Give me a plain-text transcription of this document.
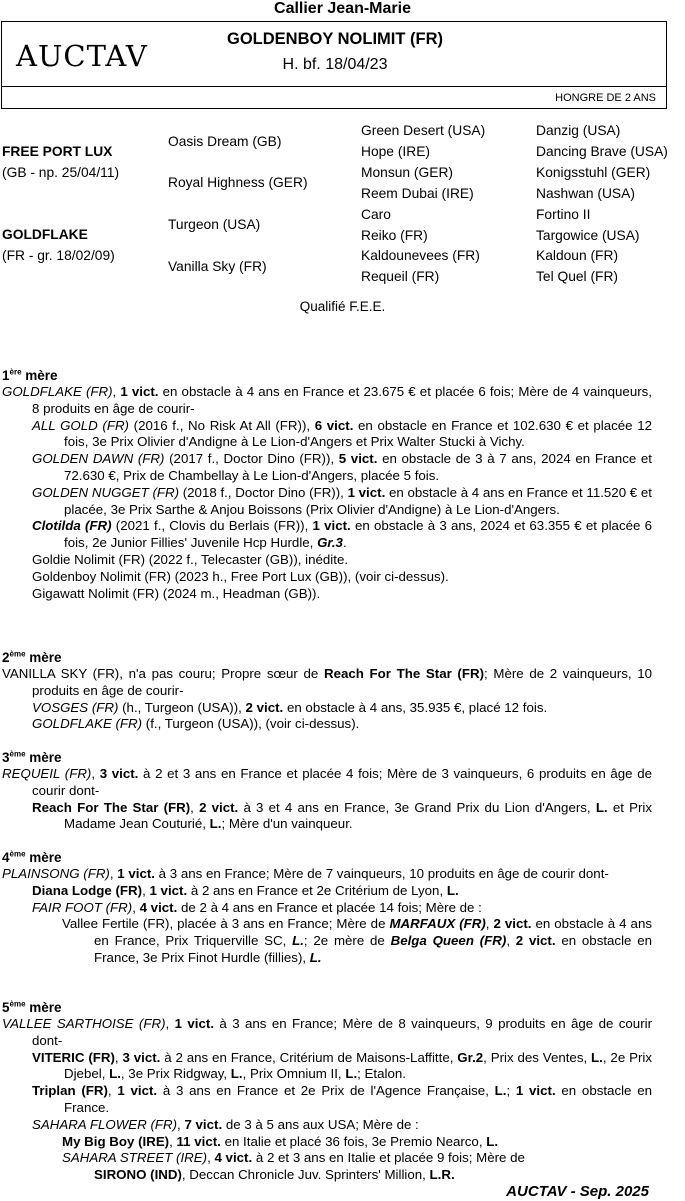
Callier Jean-Marie
AUCTAV	GOLDENBOY NOLIMIT (FR)
H. bf. 18/04/23
HONGRE DE 2 ANS
FREE PORT LUX
(GB - np. 25/04/11)
GOLDFLAKE
(FR - gr. 18/02/09)
Oasis Dream (GB)
Royal Highness (GER)
Turgeon (USA)
Vanilla Sky (FR)
Green Desert (USA)
Hope (IRE)
Monsun (GER)
Reem Dubai (IRE)
Caro
Reiko (FR)
Kaldounevees (FR)
Requeil (FR)
Danzig (USA)
Dancing Brave (USA)
Konigsstuhl (GER)
Nashwan (USA)
Fortino II
Targowice (USA)
Kaldoun (FR)
Tel Quel (FR)
Qualifié F.E.E.
1ère mère
GOLDFLAKE (FR), 1 vict. en obstacle à 4 ans en France et 23.675 € et placée 6 fois; Mère de 4 vainqueurs, 8 produits en âge de courir-
ALL GOLD (FR) (2016 f., No Risk At All (FR)), 6 vict. en obstacle en France et 102.630 € et placée 12 fois, 3e Prix Olivier d'Andigne à Le Lion-d'Angers et Prix Walter Stucki à Vichy.
GOLDEN DAWN (FR) (2017 f., Doctor Dino (FR)), 5 vict. en obstacle de 3 à 7 ans, 2024 en France et 72.630 €, Prix de Chambellay à Le Lion-d'Angers, placée 5 fois.
GOLDEN NUGGET (FR) (2018 f., Doctor Dino (FR)), 1 vict. en obstacle à 4 ans en France et 11.520 € et placée, 3e Prix Sarthe & Anjou Boissons (Prix Olivier d'Andigne) à Le Lion-d'Angers.
Clotilda (FR) (2021 f., Clovis du Berlais (FR)), 1 vict. en obstacle à 3 ans, 2024 et 63.355 € et placée 6 fois, 2e Junior Fillies' Juvenile Hcp Hurdle, Gr.3.
Goldie Nolimit (FR) (2022 f., Telecaster (GB)), inédite.
Goldenboy Nolimit (FR) (2023 h., Free Port Lux (GB)), (voir ci-dessus).
Gigawatt Nolimit (FR) (2024 m., Headman (GB)).
2ème mère
VANILLA SKY (FR), n'a pas couru; Propre sœur de Reach For The Star (FR); Mère de 2 vainqueurs, 10 produits en âge de courir-
VOSGES (FR) (h., Turgeon (USA)), 2 vict. en obstacle à 4 ans, 35.935 €, placé 12 fois.
GOLDFLAKE (FR) (f., Turgeon (USA)), (voir ci-dessus).
3ème mère
REQUEIL (FR), 3 vict. à 2 et 3 ans en France et placée 4 fois; Mère de 3 vainqueurs, 6 produits en âge de courir dont-
Reach For The Star (FR), 2 vict. à 3 et 4 ans en France, 3e Grand Prix du Lion d'Angers, L. et Prix Madame Jean Couturié, L.; Mère d'un vainqueur.
4ème mère
PLAINSONG (FR), 1 vict. à 3 ans en France; Mère de 7 vainqueurs, 10 produits en âge de courir dont-
Diana Lodge (FR), 1 vict. à 2 ans en France et 2e Critérium de Lyon, L.
FAIR FOOT (FR), 4 vict. de 2 à 4 ans en France et placée 14 fois; Mère de :
Vallee Fertile (FR), placée à 3 ans en France; Mère de MARFAUX (FR), 2 vict. en obstacle à 4 ans en France, Prix Triquerville SC, L.; 2e mère de Belga Queen (FR), 2 vict. en obstacle en France, 3e Prix Finot Hurdle (fillies), L.
5ème mère
VALLEE SARTHOISE (FR), 1 vict. à 3 ans en France; Mère de 8 vainqueurs, 9 produits en âge de courir dont-
VITERIC (FR), 3 vict. à 2 ans en France, Critérium de Maisons-Laffitte, Gr.2, Prix des Ventes, L., 2e Prix Djebel, L., 3e Prix Ridgway, L., Prix Omnium II, L.; Etalon.
Triplan (FR), 1 vict. à 3 ans en France et 2e Prix de l'Agence Française, L.; 1 vict. en obstacle en France.
SAHARA FLOWER (FR), 7 vict. de 3 à 5 ans aux USA; Mère de :
My Big Boy (IRE), 11 vict. en Italie et placé 36 fois, 3e Premio Nearco, L.
SAHARA STREET (IRE), 4 vict. à 2 et 3 ans en Italie et placée 9 fois; Mère de
SIRONO (IND), Deccan Chronicle Juv. Sprinters' Million, L.R.
AUCTAV - Sep. 2025
